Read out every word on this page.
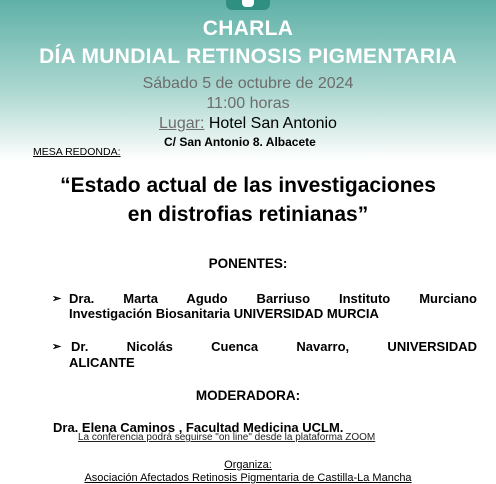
CHARLA
DÍA MUNDIAL RETINOSIS PIGMENTARIA
Sábado 5 de octubre de 2024
11:00 horas
Lugar: Hotel San Antonio
C/ San Antonio 8. Albacete
MESA REDONDA:
“Estado actual de las investigaciones
en distrofias retinianas”
PONENTES:
➢ Dra. Marta Agudo Barriuso Instituto Murciano
Investigación Biosanitaria UNIVERSIDAD MURCIA
➢ Dr. Nicolás Cuenca Navarro, UNIVERSIDAD
ALICANTE
MODERADORA:
Dra. Elena Caminos , Facultad Medicina UCLM.
La conferencia podrá seguirse "on line" desde la plataforma ZOOM
Organiza:
Asociación Afectados Retinosis Pigmentaria de Castilla-La Mancha
